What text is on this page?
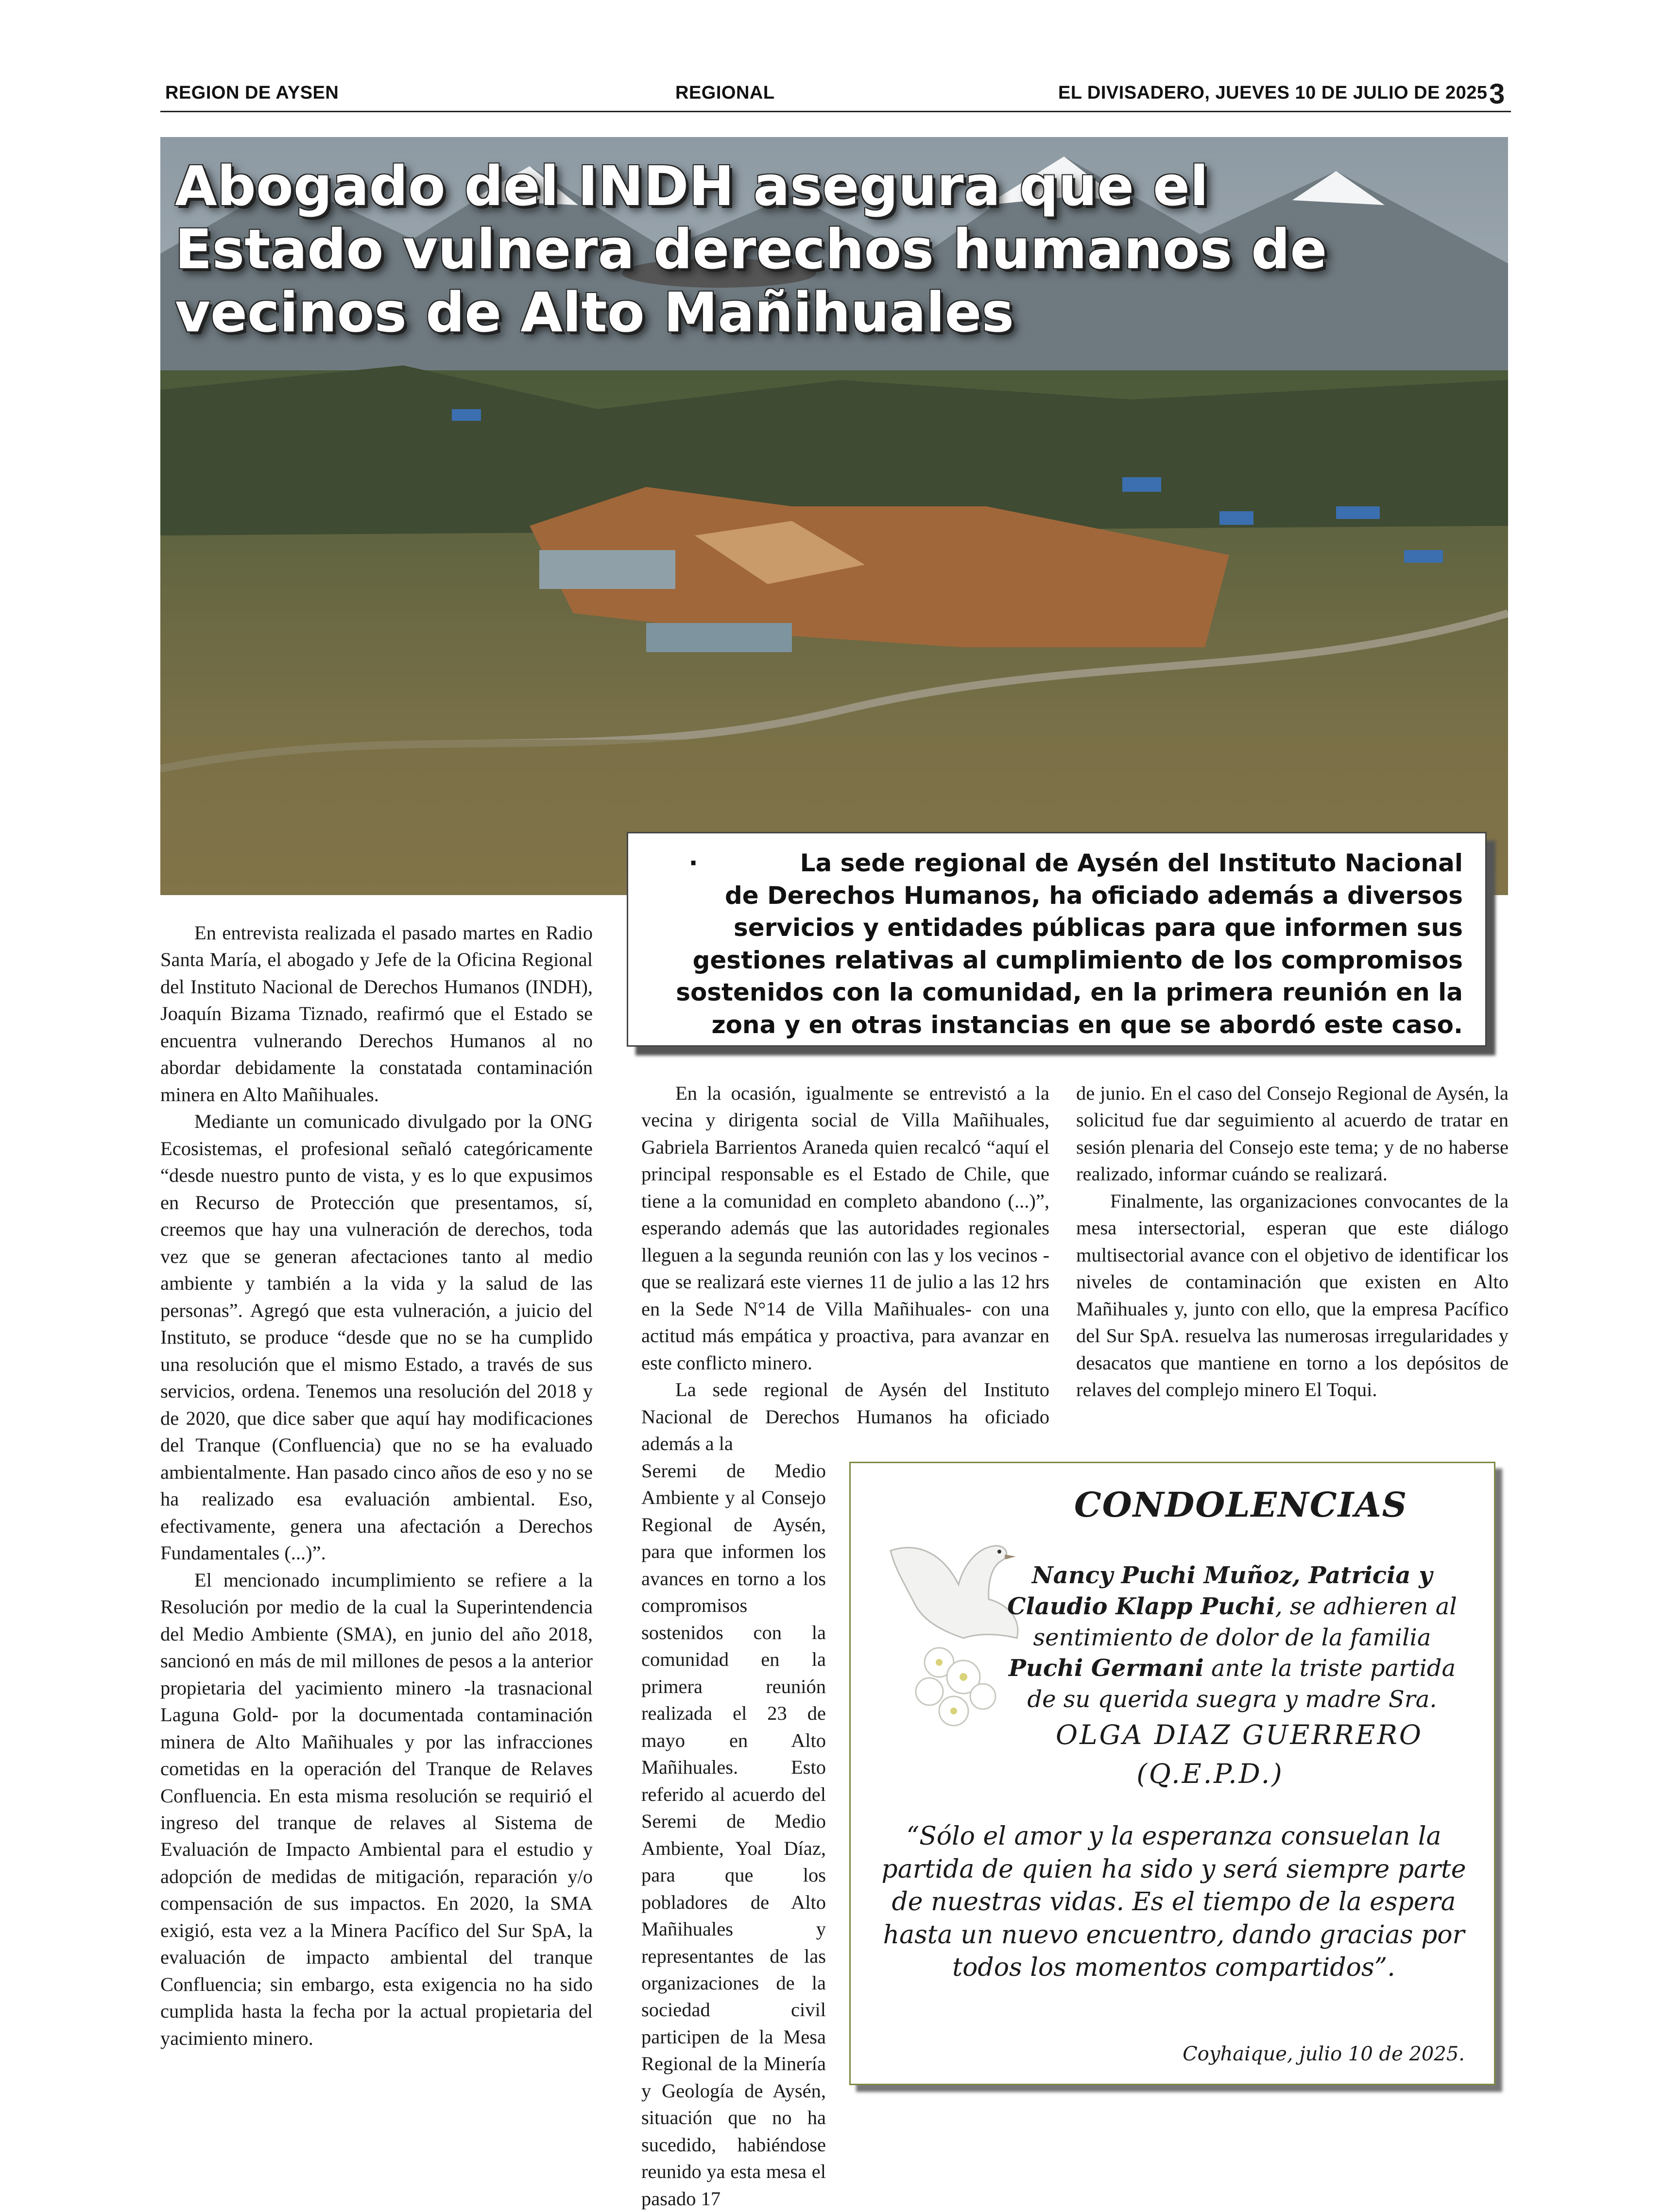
REGION DE AYSEN	REGIONAL	EL DIVISADERO, JUEVES 10 DE JULIO DE 2025 3
Abogado del INDH asegura que el Estado vulnera derechos humanos de vecinos de Alto Mañihuales
·	La sede regional de Aysén del Instituto Nacional de Derechos Humanos, ha oficiado además a diversos servicios y entidades públicas para que informen sus gestiones relativas al cumplimiento de los compromisos sostenidos con la comunidad, en la primera reunión en la zona y en otras instancias en que se abordó este caso.

En entrevista realizada el pasado martes en Radio Santa María, el abogado y Jefe de la Oficina Regional del Instituto Nacional de Derechos Humanos (INDH), Joaquín Bizama Tiznado, reafirmó que el Estado se encuentra vulnerando Derechos Humanos al no abordar debidamente la constatada contaminación minera en Alto Mañihuales.

Mediante un comunicado divulgado por la ONG Ecosistemas, el profesional señaló categóricamente “desde nuestro punto de vista, y es lo que expusimos en Recurso de Protección que presentamos, sí, creemos que hay una vulneración de derechos, toda vez que se generan afectaciones tanto al medio ambiente y también a la vida y la salud de las personas”. Agregó que esta vulneración, a juicio del Instituto, se produce “desde que no se ha cumplido una resolución que el mismo Estado, a través de sus servicios, ordena. Tenemos una resolución del 2018 y de 2020, que dice saber que aquí hay modificaciones del Tranque (Confluencia) que no se ha evaluado ambientalmente. Han pasado cinco años de eso y no se ha realizado esa evaluación ambiental. Eso, efectivamente, genera una afectación a Derechos Fundamentales (...)”.

El mencionado incumplimiento se refiere a la Resolución por medio de la cual la Superintendencia del Medio Ambiente (SMA), en junio del año 2018, sancionó en más de mil millones de pesos a la anterior propietaria del yacimiento minero -la trasnacional Laguna Gold- por la documentada contaminación minera de Alto Mañihuales y por las infracciones cometidas en la operación del Tranque de Relaves Confluencia. En esta misma resolución se requirió el ingreso del tranque de relaves al Sistema de Evaluación de Impacto Ambiental para el estudio y adopción de medidas de mitigación, reparación y/o compensación de sus impactos. En 2020, la SMA exigió, esta vez a la Minera Pacífico del Sur SpA, la evaluación de impacto ambiental del tranque Confluencia; sin embargo, esta exigencia no ha sido cumplida hasta la fecha por la actual propietaria del yacimiento minero.

En la ocasión, igualmente se entrevistó a la vecina y dirigenta social de Villa Mañihuales, Gabriela Barrientos Araneda quien recalcó “aquí el principal responsable es el Estado de Chile, que tiene a la comunidad en completo abandono (...)”, esperando además que las autoridades regionales lleguen a la segunda reunión con las y los vecinos -que se realizará este viernes 11 de julio a las 12 hrs en la Sede N°14 de Villa Mañihuales- con una actitud más empática y proactiva, para avanzar en este conflicto minero.

La sede regional de Aysén del Instituto Nacional de Derechos Humanos ha oficiado además a la

Seremi de Medio Ambiente y al Consejo Regional de Aysén, para que informen los avances en torno a los compromisos sostenidos con la comunidad en la primera reunión realizada el 23 de mayo en Alto Mañihuales. Esto referido al acuerdo del Seremi de Medio Ambiente, Yoal Díaz, para que los pobladores de Alto Mañihuales y representantes de las organizaciones de la sociedad civil participen de la Mesa Regional de la Minería y Geología de Aysén, situación que no ha sucedido, habiéndose reunido ya esta mesa el pasado 17

de junio. En el caso del Consejo Regional de Aysén, la solicitud fue dar seguimiento al acuerdo de tratar en sesión plenaria del Consejo este tema; y de no haberse realizado, informar cuándo se realizará.

Finalmente, las organizaciones convocantes de la mesa intersectorial, esperan que este diálogo multisectorial avance con el objetivo de identificar los niveles de contaminación que existen en Alto Mañihuales y, junto con ello, que la empresa Pacífico del Sur SpA. resuelva las numerosas irregularidades y desacatos que mantiene en torno a los depósitos de relaves del complejo minero El Toqui.

CONDOLENCIAS
Nancy Puchi Muñoz, Patricia y Claudio Klapp Puchi, se adhieren al sentimiento de dolor de la familia Puchi Germani ante la triste partida de su querida suegra y madre Sra.
OLGA DIAZ GUERRERO
(Q.E.P.D.)
“Sólo el amor y la esperanza consuelan la partida de quien ha sido y será siempre parte de nuestras vidas. Es el tiempo de la espera hasta un nuevo encuentro, dando gracias por todos los momentos compartidos”.
Coyhaique, julio 10 de 2025.
